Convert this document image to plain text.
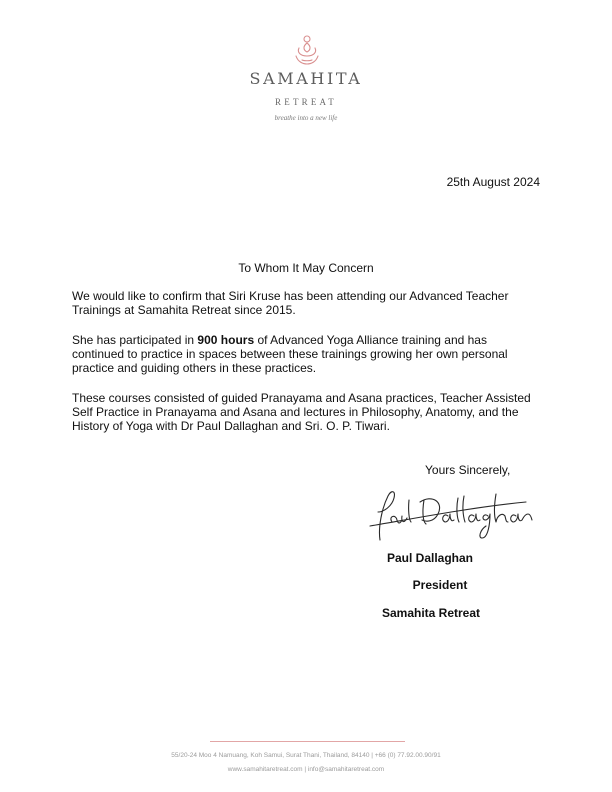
SAMAHITA
RETREAT
breathe into a new life
25th August 2024
To Whom It May Concern

We would like to confirm that Siri Kruse has been attending our Advanced Teacher Trainings at Samahita Retreat since 2015.

She has participated in 900 hours of Advanced Yoga Alliance training and has continued to practice in spaces between these trainings growing her own personal practice and guiding others in these practices.

These courses consisted of guided Pranayama and Asana practices, Teacher Assisted Self Practice in Pranayama and Asana and lectures in Philosophy, Anatomy, and the History of Yoga with Dr Paul Dallaghan and Sri. O. P. Tiwari.

Yours Sincerely,
Paul Dallaghan
President
Samahita Retreat
55/20-24 Moo 4 Namuang, Koh Samui, Surat Thani, Thailand, 84140 | +66 (0) 77.92.00.90/91
www.samahitaretreat.com | info@samahitaretreat.com
